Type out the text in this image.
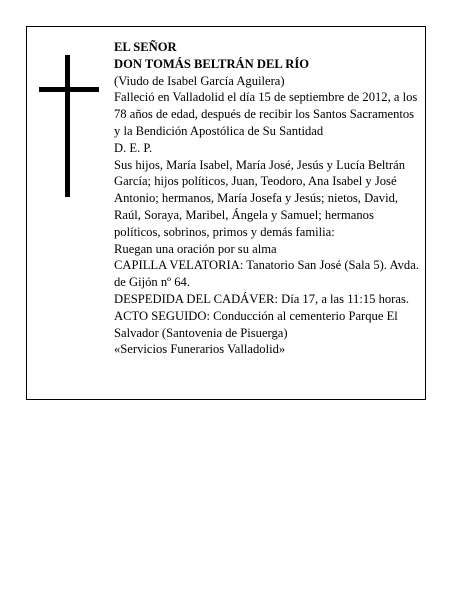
EL SEÑOR

DON TOMÁS BELTRÁN DEL RÍO

(Viudo de Isabel García Aguilera)

Falleció en Valladolid el día 15 de septiembre de 2012, a los 78 años de edad, después de recibir los Santos Sacramentos y la Bendición Apostólica de Su Santidad

D. E. P.

Sus hijos, María Isabel, María José, Jesús y Lucía Beltrán García; hijos políticos, Juan, Teodoro, Ana Isabel y José Antonio; hermanos, María Josefa y Jesús; nietos, David, Raúl, Soraya, Maribel, Ángela y Samuel; hermanos políticos, sobrinos, primos y demás familia:

Ruegan una oración por su alma

CAPILLA VELATORIA: Tanatorio San José (Sala 5). Avda. de Gijón nº 64.

DESPEDIDA DEL CADÁVER: Día 17, a las 11:15 horas.

ACTO SEGUIDO: Conducción al cementerio Parque El Salvador (Santovenia de Pisuerga)

«Servicios Funerarios Valladolid»
